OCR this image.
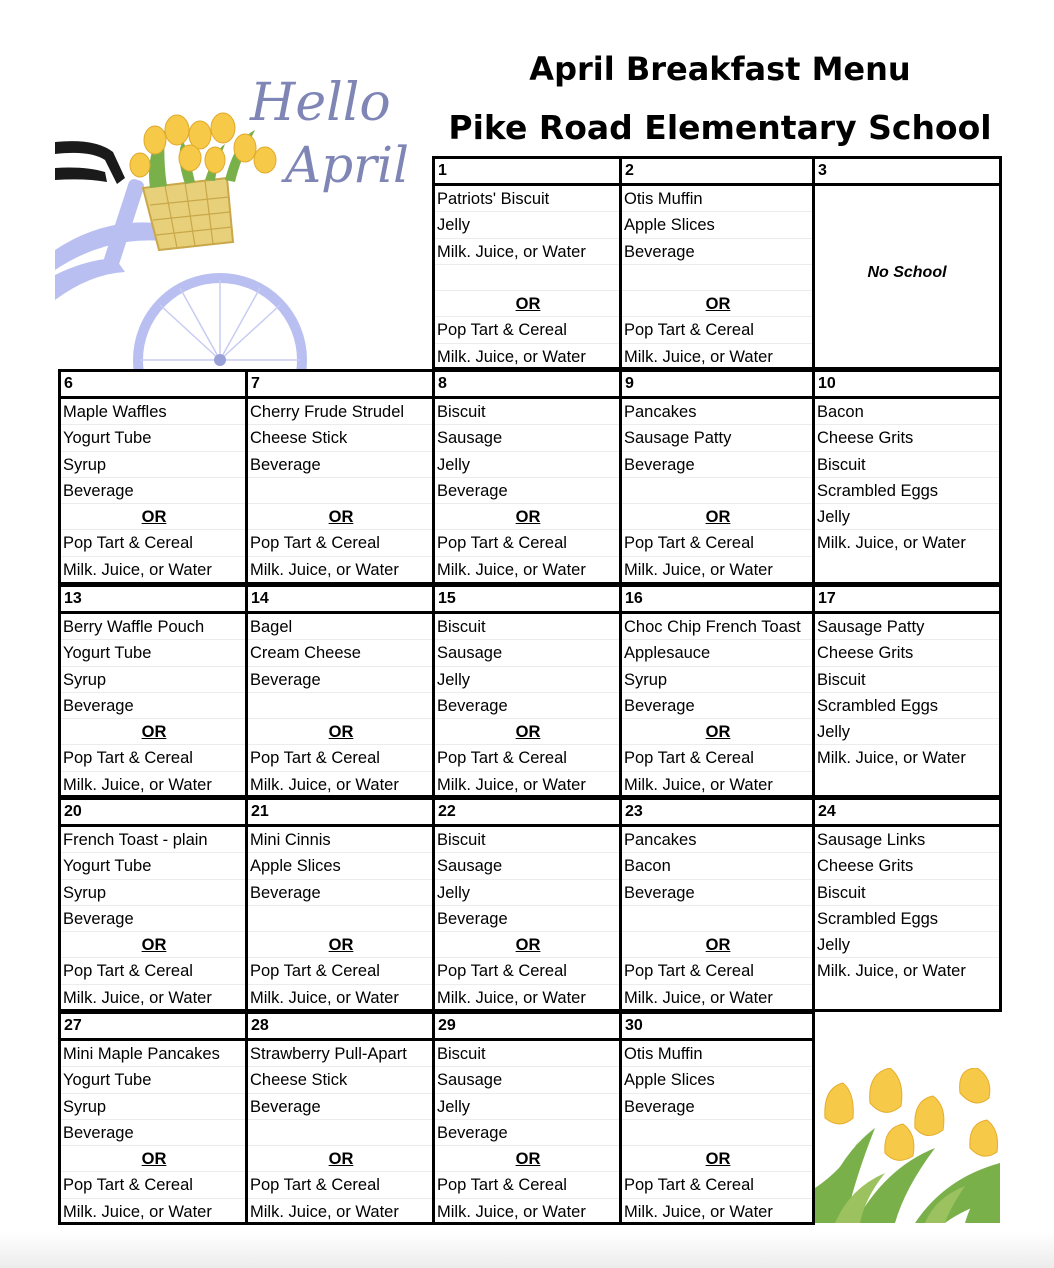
April Breakfast Menu
Pike Road Elementary School
Hello
April 1
Patriots' Biscuit
Jelly
Milk. Juice, or Water
OR
Pop Tart & Cereal
Milk. Juice, or Water
2
Otis Muffin
Apple Slices
Beverage
OR
Pop Tart & Cereal
Milk. Juice, or Water
3
No School
6
Maple Waffles
Yogurt Tube
Syrup
Beverage
OR
Pop Tart & Cereal
Milk. Juice, or Water
7
Cherry Frude Strudel
Cheese Stick
Beverage
OR
Pop Tart & Cereal
Milk. Juice, or Water
8
Biscuit
Sausage
Jelly
Beverage
OR
Pop Tart & Cereal
Milk. Juice, or Water
9
Pancakes
Sausage Patty
Beverage
OR
Pop Tart & Cereal
Milk. Juice, or Water
10
Bacon
Cheese Grits
Biscuit
Scrambled Eggs
Jelly
Milk. Juice, or Water
13
Berry Waffle Pouch
Yogurt Tube
Syrup
Beverage
OR
Pop Tart & Cereal
Milk. Juice, or Water
14
Bagel
Cream Cheese
Beverage
OR
Pop Tart & Cereal
Milk. Juice, or Water
15
Biscuit
Sausage
Jelly
Beverage
OR
Pop Tart & Cereal
Milk. Juice, or Water
16
Choc Chip French Toast
Applesauce
Syrup
Beverage
OR
Pop Tart & Cereal
Milk. Juice, or Water
17
Sausage Patty
Cheese Grits
Biscuit
Scrambled Eggs
Jelly
Milk. Juice, or Water
20
French Toast - plain
Yogurt Tube
Syrup
Beverage
OR
Pop Tart & Cereal
Milk. Juice, or Water
21
Mini Cinnis
Apple Slices
Beverage
OR
Pop Tart & Cereal
Milk. Juice, or Water
22
Biscuit
Sausage
Jelly
Beverage
OR
Pop Tart & Cereal
Milk. Juice, or Water
23
Pancakes
Bacon
Beverage
OR
Pop Tart & Cereal
Milk. Juice, or Water
24
Sausage Links
Cheese Grits
Biscuit
Scrambled Eggs
Jelly
Milk. Juice, or Water
27
Mini Maple Pancakes
Yogurt Tube
Syrup
Beverage
OR
Pop Tart & Cereal
Milk. Juice, or Water
28
Strawberry Pull-Apart
Cheese Stick
Beverage
OR
Pop Tart & Cereal
Milk. Juice, or Water
29
Biscuit
Sausage
Jelly
Beverage
OR
Pop Tart & Cereal
Milk. Juice, or Water
30
Otis Muffin
Apple Slices
Beverage
OR
Pop Tart & Cereal
Milk. Juice, or Water
